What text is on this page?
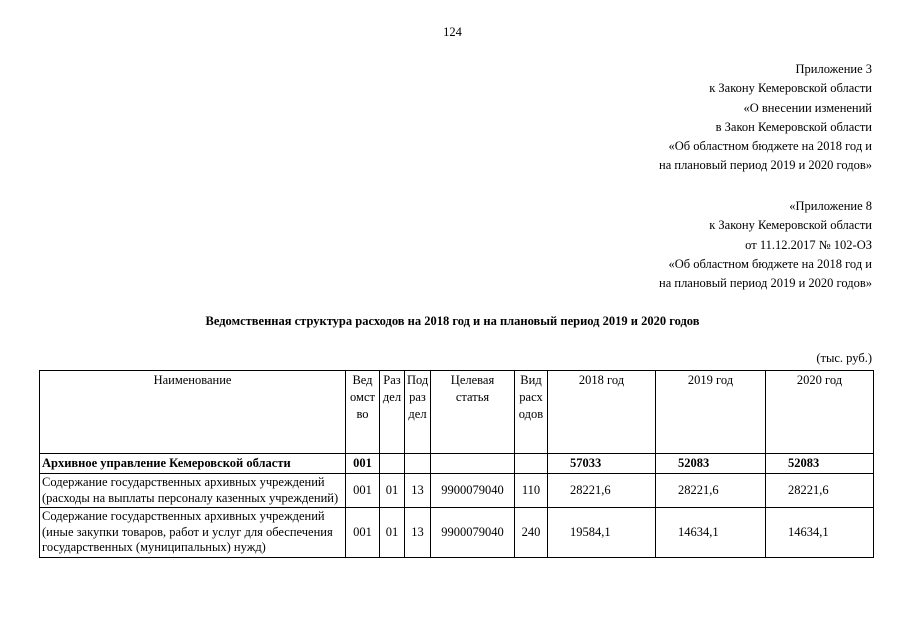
124
Приложение 3
к Закону Кемеровской области
«О внесении изменений
в Закон Кемеровской области
«Об областном бюджете на 2018 год и
на плановый период 2019 и 2020 годов»
«Приложение 8
к Закону Кемеровской области
от 11.12.2017 № 102-ОЗ
«Об областном бюджете на 2018 год и
на плановый период 2019 и 2020 годов»
Ведомственная структура расходов на 2018 год и на плановый период 2019 и 2020 годов
(тыс. руб.)
Наименование	Вед омст во	Раз дел	Под раз дел	Целевая статья	Вид расх одов	2018 год	2019 год	2020 год
Архивное управление Кемеровской области	001					57033	52083	52083
Содержание государственных архивных учреждений (расходы на выплаты персоналу казенных учреждений)	001	01	13	9900079040	110	28221,6	28221,6	28221,6
Содержание государственных архивных учреждений (иные закупки товаров, работ и услуг для обеспечения государственных (муниципальных) нужд)	001	01	13	9900079040	240	19584,1	14634,1	14634,1
